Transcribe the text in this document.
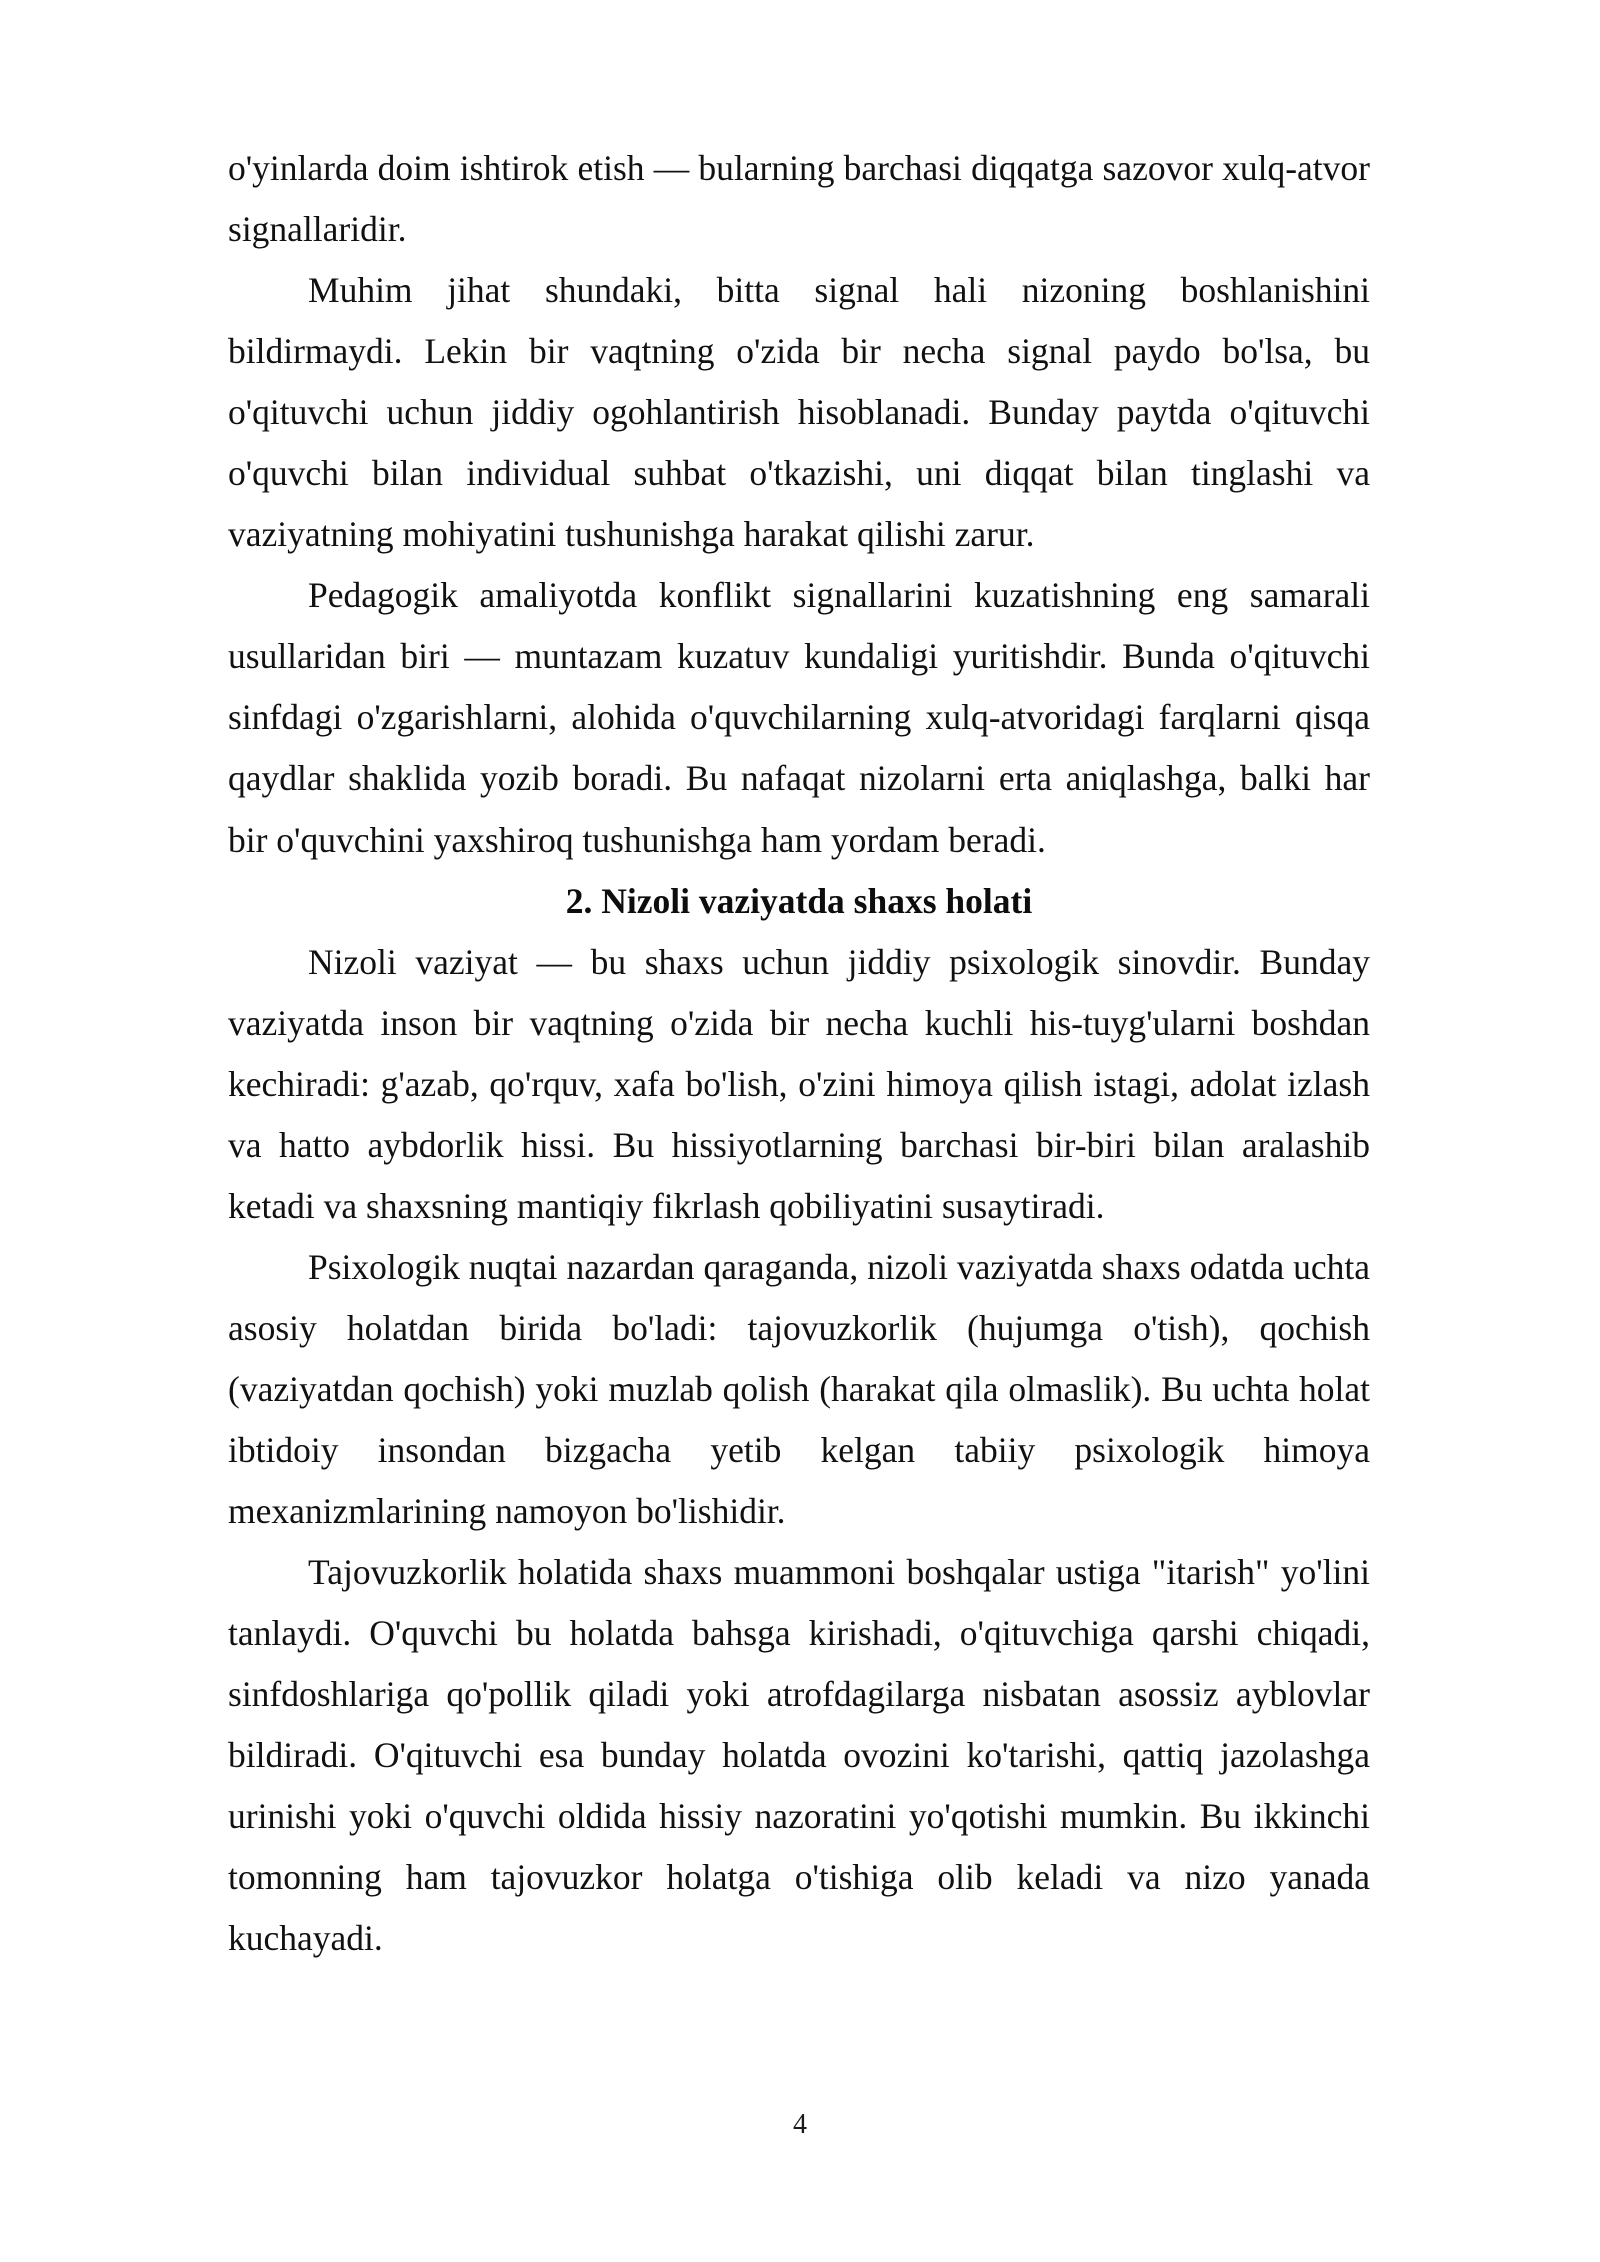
o'yinlarda doim ishtirok etish — bularning barchasi diqqatga sazovor xulq-atvor signallaridir.

Muhim jihat shundaki, bitta signal hali nizoning boshlanishini bildirmaydi. Lekin bir vaqtning o'zida bir necha signal paydo bo'lsa, bu o'qituvchi uchun jiddiy ogohlantirish hisoblanadi. Bunday paytda o'qituvchi o'quvchi bilan individual suhbat o'tkazishi, uni diqqat bilan tinglashi va vaziyatning mohiyatini tushunishga harakat qilishi zarur.

Pedagogik amaliyotda konflikt signallarini kuzatishning eng samarali usullaridan biri — muntazam kuzatuv kundaligi yuritishdir. Bunda o'qituvchi sinfdagi o'zgarishlarni, alohida o'quvchilarning xulq-atvoridagi farqlarni qisqa qaydlar shaklida yozib boradi. Bu nafaqat nizolarni erta aniqlashga, balki har bir o'quvchini yaxshiroq tushunishga ham yordam beradi.

2. Nizoli vaziyatda shaxs holati

Nizoli vaziyat — bu shaxs uchun jiddiy psixologik sinovdir. Bunday vaziyatda inson bir vaqtning o'zida bir necha kuchli his-tuyg'ularni boshdan kechiradi: g'azab, qo'rquv, xafa bo'lish, o'zini himoya qilish istagi, adolat izlash va hatto aybdorlik hissi. Bu hissiyotlarning barchasi bir-biri bilan aralashib ketadi va shaxsning mantiqiy fikrlash qobiliyatini susaytiradi.

Psixologik nuqtai nazardan qaraganda, nizoli vaziyatda shaxs odatda uchta asosiy holatdan birida bo'ladi: tajovuzkorlik (hujumga o'tish), qochish (vaziyatdan qochish) yoki muzlab qolish (harakat qila olmaslik). Bu uchta holat ibtidoiy insondan bizgacha yetib kelgan tabiiy psixologik himoya mexanizmlarining namoyon bo'lishidir.

Tajovuzkorlik holatida shaxs muammoni boshqalar ustiga "itarish" yo'lini tanlaydi. O'quvchi bu holatda bahsga kirishadi, o'qituvchiga qarshi chiqadi, sinfdoshlariga qo'pollik qiladi yoki atrofdagilarga nisbatan asossiz ayblovlar bildiradi. O'qituvchi esa bunday holatda ovozini ko'tarishi, qattiq jazolashga urinishi yoki o'quvchi oldida hissiy nazoratini yo'qotishi mumkin. Bu ikkinchi tomonning ham tajovuzkor holatga o'tishiga olib keladi va nizo yanada kuchayadi.

4
